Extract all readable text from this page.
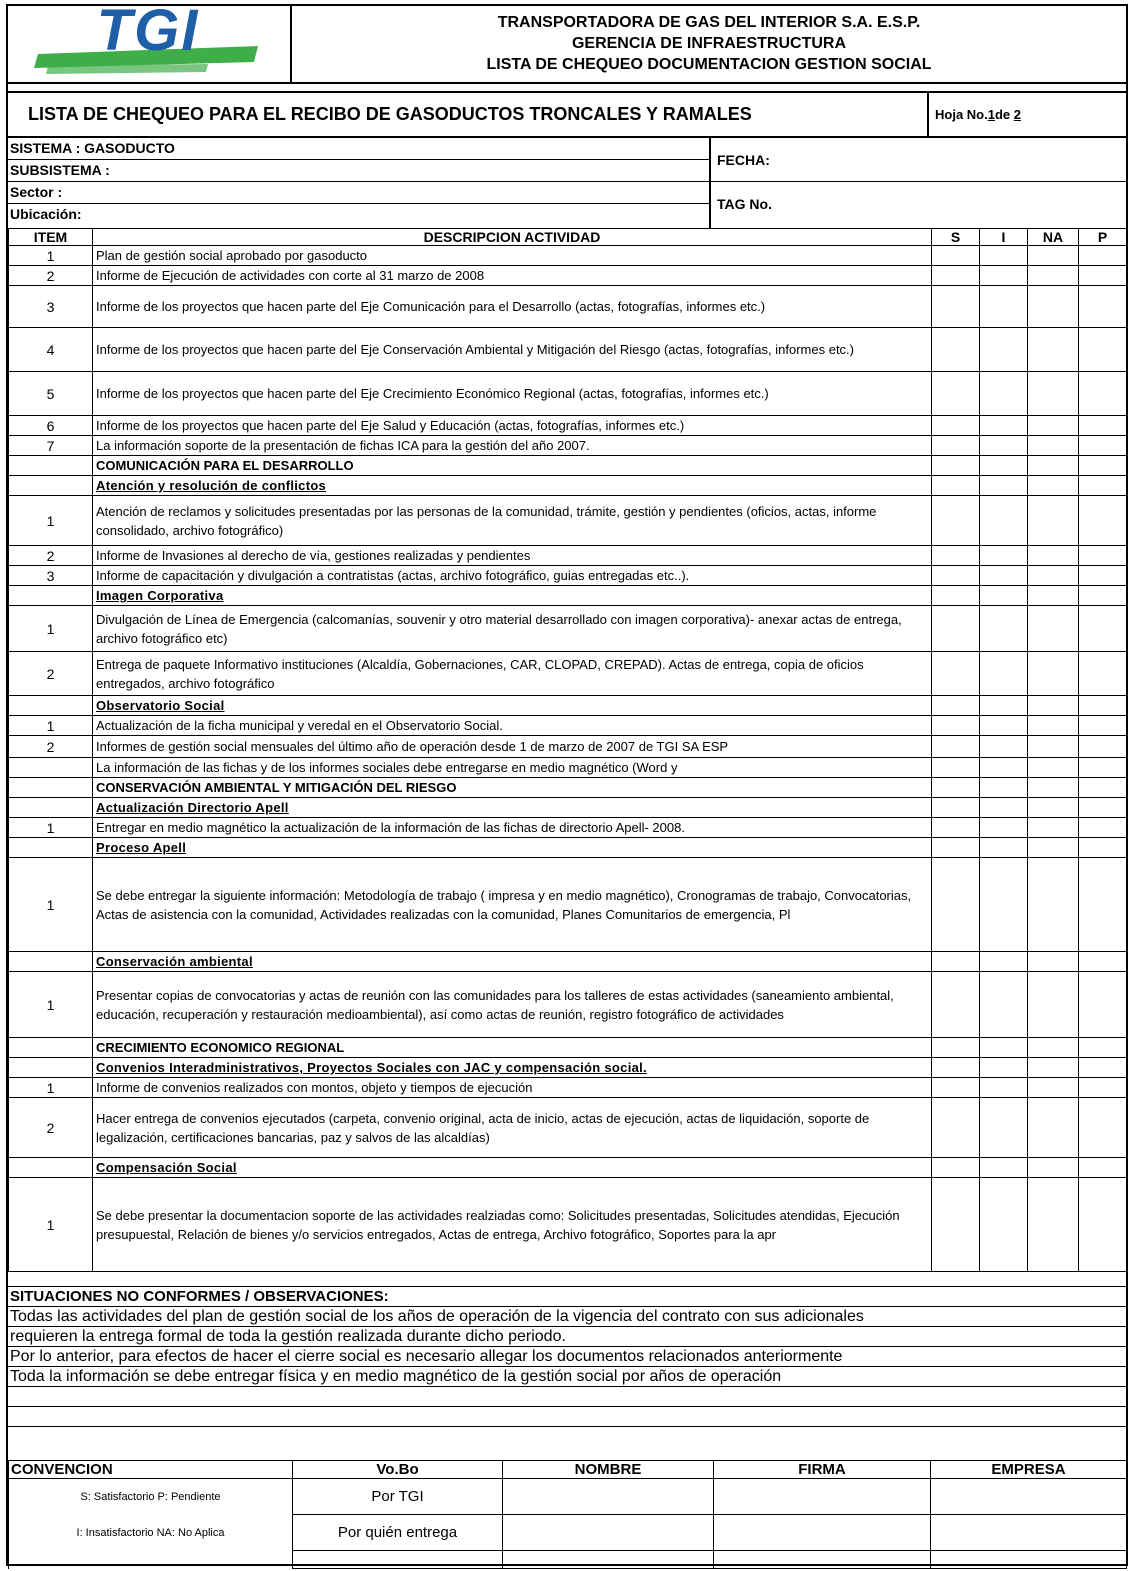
TGI	TRANSPORTADORA DE GAS DEL INTERIOR S.A. E.S.P.
GERENCIA DE INFRAESTRUCTURA
LISTA DE CHEQUEO DOCUMENTACION GESTION SOCIAL
LISTA DE CHEQUEO PARA EL RECIBO DE GASODUCTOS TRONCALES Y RAMALES	Hoja No.1de 2
SISTEMA : GASODUCTO
SUBSISTEMA :
Sector :
Ubicación:
FECHA:
TAG No.
ITEM	DESCRIPCION ACTIVIDAD	S	I	NA	P
1	Plan de gestión social aprobado por gasoducto				
2	Informe de Ejecución de actividades con corte al 31 marzo de 2008				
3	Informe de los proyectos que hacen parte del Eje Comunicación para el Desarrollo (actas, fotografías, informes etc.)				
4	Informe de los proyectos que hacen parte del Eje Conservación Ambiental y Mitigación del Riesgo (actas, fotografías, informes etc.)				
5	Informe de los proyectos que hacen parte del Eje Crecimiento Económico Regional (actas, fotografías, informes etc.)				
6	Informe de los proyectos que hacen parte del Eje Salud y Educación (actas, fotografías, informes etc.)				
7	La información soporte de la presentación de fichas ICA para la gestión del año 2007.				
	COMUNICACIÓN PARA EL DESARROLLO				
	Atención y resolución de conflictos				
1	Atención de reclamos y solicitudes presentadas por las personas de la comunidad, trámite, gestión y pendientes (oficios, actas, informe consolidado, archivo fotográfico)				
2	Informe de Invasiones al derecho de vía, gestiones realizadas y pendientes				
3	Informe de capacitación y divulgación a contratistas (actas, archivo fotográfico, guias entregadas etc..).				
	Imagen Corporativa				
1	Divulgación de Línea de Emergencia (calcomanías, souvenir y otro material desarrollado con imagen corporativa)- anexar actas de entrega, archivo fotográfico etc)				
2	Entrega de paquete Informativo instituciones (Alcaldía, Gobernaciones, CAR, CLOPAD, CREPAD). Actas de entrega, copia de oficios entregados, archivo fotográfico				
	Observatorio Social				
1	Actualización de la ficha municipal y veredal en el Observatorio Social.				
2	Informes de gestión social mensuales del último año de operación desde 1 de marzo de 2007 de TGI SA ESP				
	La información de las fichas y de los informes sociales debe entregarse en medio magnético (Word y				
	CONSERVACIÓN AMBIENTAL Y MITIGACIÓN DEL RIESGO				
	Actualización Directorio Apell				
1	Entregar en medio magnético la actualización de la información de las fichas de directorio Apell- 2008.				
	Proceso Apell				
1	Se debe entregar la siguiente información: Metodología de trabajo ( impresa y en medio magnético), Cronogramas de trabajo, Convocatorias, Actas de asistencia con la comunidad, Actividades realizadas con la comunidad, Planes Comunitarios de emergencia, Pl				
	Conservación ambiental				
1	Presentar copias de convocatorias y actas de reunión con las comunidades para los talleres de estas actividades (saneamiento ambiental, educación, recuperación y restauración medioambiental), así como actas de reunión, registro fotográfico de actividades				
	CRECIMIENTO ECONOMICO REGIONAL				
	Convenios Interadministrativos, Proyectos Sociales con JAC y compensación social.				
1	Informe de convenios realizados con montos, objeto y tiempos de ejecución				
2	Hacer entrega de convenios ejecutados (carpeta, convenio original, acta de inicio, actas de ejecución, actas de liquidación, soporte de legalización, certificaciones bancarias, paz y salvos de las alcaldías)				
	Compensación Social				
1	Se debe presentar la documentacion soporte de las actividades realziadas como: Solicitudes presentadas, Solicitudes atendidas, Ejecución presupuestal, Relación de bienes y/o servicios entregados, Actas de entrega, Archivo fotográfico, Soportes para la apr				
SITUACIONES NO CONFORMES / OBSERVACIONES:
Todas las actividades del plan de gestión social de los años de operación de la vigencia del contrato con sus adicionales
requieren la entrega formal de toda la gestión realizada durante dicho periodo.
Por lo anterior, para efectos de hacer el cierre social es necesario allegar los documentos relacionados anteriormente
Toda la información se debe entregar física y en medio magnético de la gestión social por años de operación

CONVENCION	Vo.Bo	NOMBRE	FIRMA	EMPRESA
S: Satisfactorio P: Pendiente	Por TGI			
I: Insatisfactorio NA: No Aplica	Por quién entrega			
